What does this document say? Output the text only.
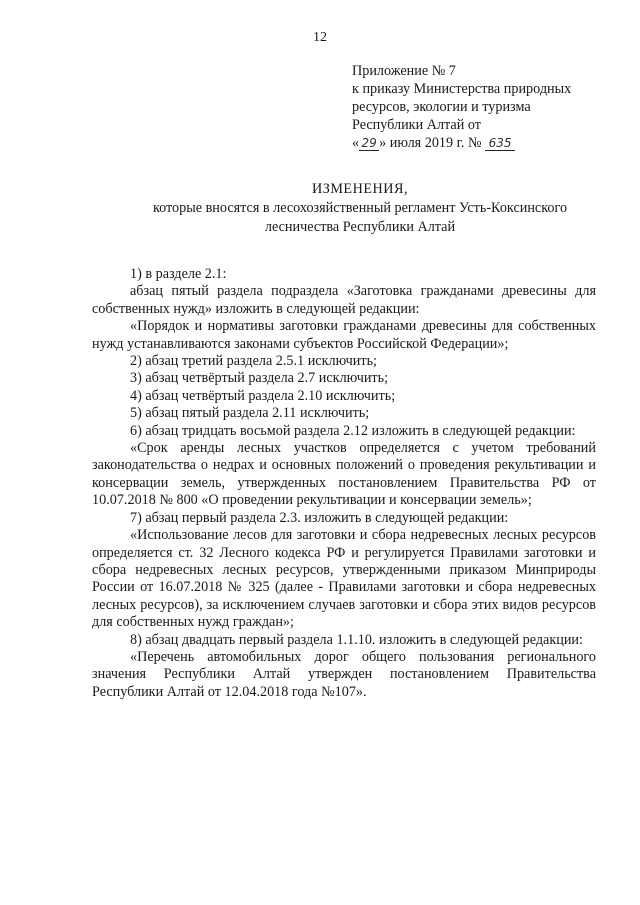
12
Приложение № 7
к приказу Министерства природных
ресурсов, экологии и туризма
Республики Алтай от
« 29 » июля 2019 г. № 635
ИЗМЕНЕНИЯ,
которые вносятся в лесохозяйственный регламент Усть-Коксинского
лесничества Республики Алтай

1) в разделе 2.1:

абзац пятый раздела подраздела «Заготовка гражданами древесины для собственных нужд» изложить в следующей редакции:

«Порядок и нормативы заготовки гражданами древесины для собственных нужд устанавливаются законами субъектов Российской Федерации»;

2) абзац третий раздела 2.5.1 исключить;

3) абзац четвёртый раздела 2.7 исключить;

4) абзац четвёртый раздела 2.10 исключить;

5) абзац пятый раздела 2.11 исключить;

6) абзац тридцать восьмой раздела 2.12 изложить в следующей редакции:

«Срок аренды лесных участков определяется с учетом требований законодательства о недрах и основных положений о проведения рекультивации и консервации земель, утвержденных постановлением Правительства РФ от 10.07.2018 № 800 «О проведении рекультивации и консервации земель»;

7) абзац первый раздела 2.3. изложить в следующей редакции:

«Использование лесов для заготовки и сбора недревесных лесных ресурсов определяется ст. 32 Лесного кодекса РФ и регулируется Правилами заготовки и сбора недревесных лесных ресурсов, утвержденными приказом Минприроды России от 16.07.2018 № 325 (далее - Правилами заготовки и сбора недревесных лесных ресурсов), за исключением случаев заготовки и сбора этих видов ресурсов для собственных нужд граждан»;

8) абзац двадцать первый раздела 1.1.10. изложить в следующей редакции:

«Перечень автомобильных дорог общего пользования регионального значения Республики Алтай утвержден постановлением Правительства Республики Алтай от 12.04.2018 года №107».
